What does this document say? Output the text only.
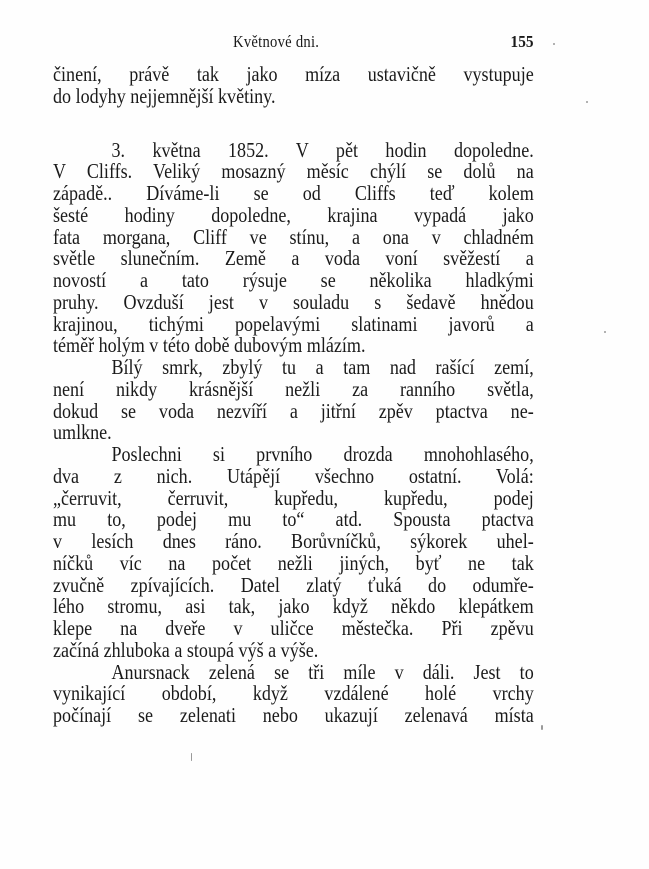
Květnové dni.	155
činení, právě tak jako míza ustavičně vystupuje
do lodyhy nejjemnější květiny.
3. května 1852. V pět hodin dopoledne.
V Cliffs. Veliký mosazný měsíc chýlí se dolů na
západě.. Díváme-li se od Cliffs teď kolem
šesté hodiny dopoledne, krajina vypadá jako
fata morgana, Cliff ve stínu, a ona v chladném
světle slunečním. Země a voda voní svěžestí a
novostí a tato rýsuje se několika hladkými
pruhy. Ovzduší jest v souladu s šedavě hnědou
krajinou, tichými popelavými slatinami javorů a
téměř holým v této době dubovým mlázím.
Bílý smrk, zbylý tu a tam nad rašící zemí,
není nikdy krásnější nežli za ranního světla,
dokud se voda nezvíří a jitřní zpěv ptactva ne-
umlkne.
Poslechni si prvního drozda mnohohlasého,
dva z nich. Utápějí všechno ostatní. Volá:
„čerruvit, čerruvit, kupředu, kupředu, podej
mu to, podej mu to“ atd. Spousta ptactva
v lesích dnes ráno. Borůvníčků, sýkorek uhel-
níčků víc na počet nežli jiných, byť ne tak
zvučně zpívajících. Datel zlatý ťuká do odumře-
lého stromu, asi tak, jako když někdo klepátkem
klepe na dveře v uličce městečka. Při zpěvu
začíná zhluboka a stoupá výš a výše.
Anursnack zelená se tři míle v dáli. Jest to
vynikající období, když vzdálené holé vrchy
počínají se zelenati nebo ukazují zelenavá místa
